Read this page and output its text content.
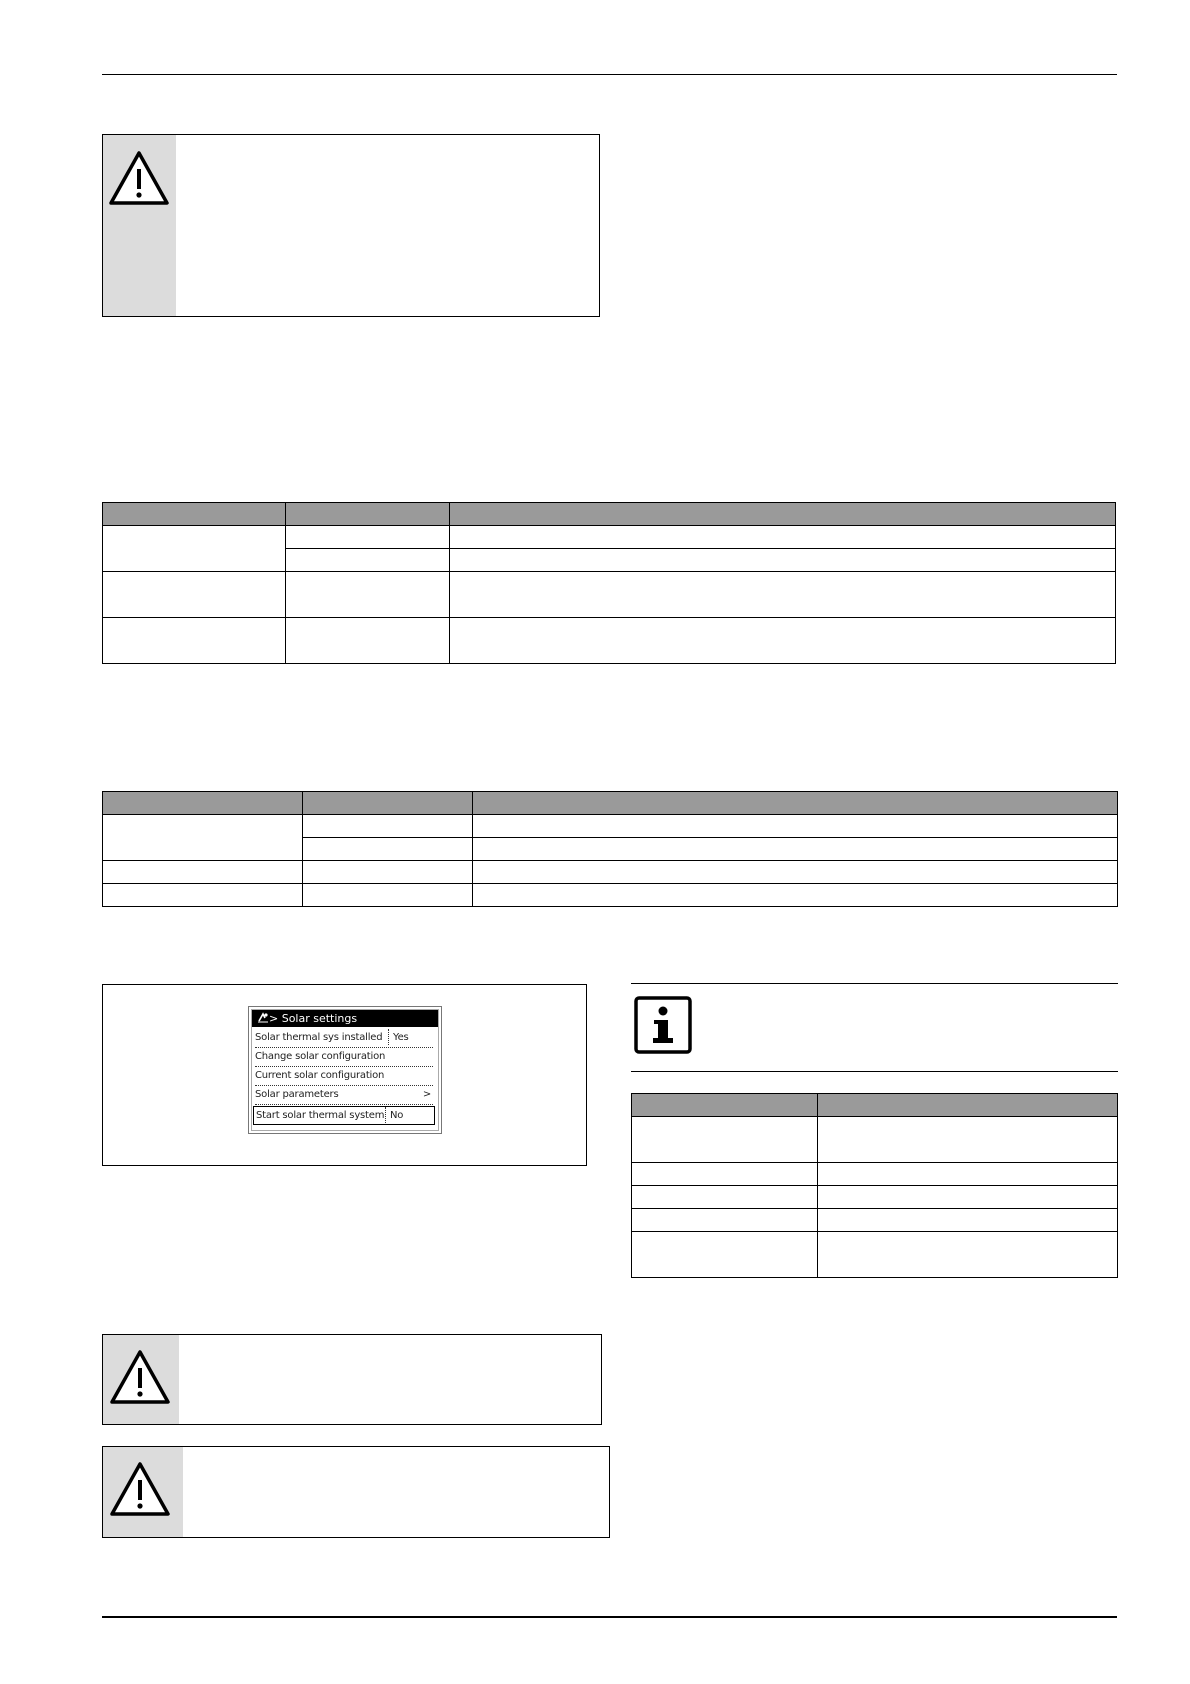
> Solar settings
Solar thermal sys installed	Yes
Change solar configuration
Current solar configuration
Solar parameters	>
Start solar thermal system No
